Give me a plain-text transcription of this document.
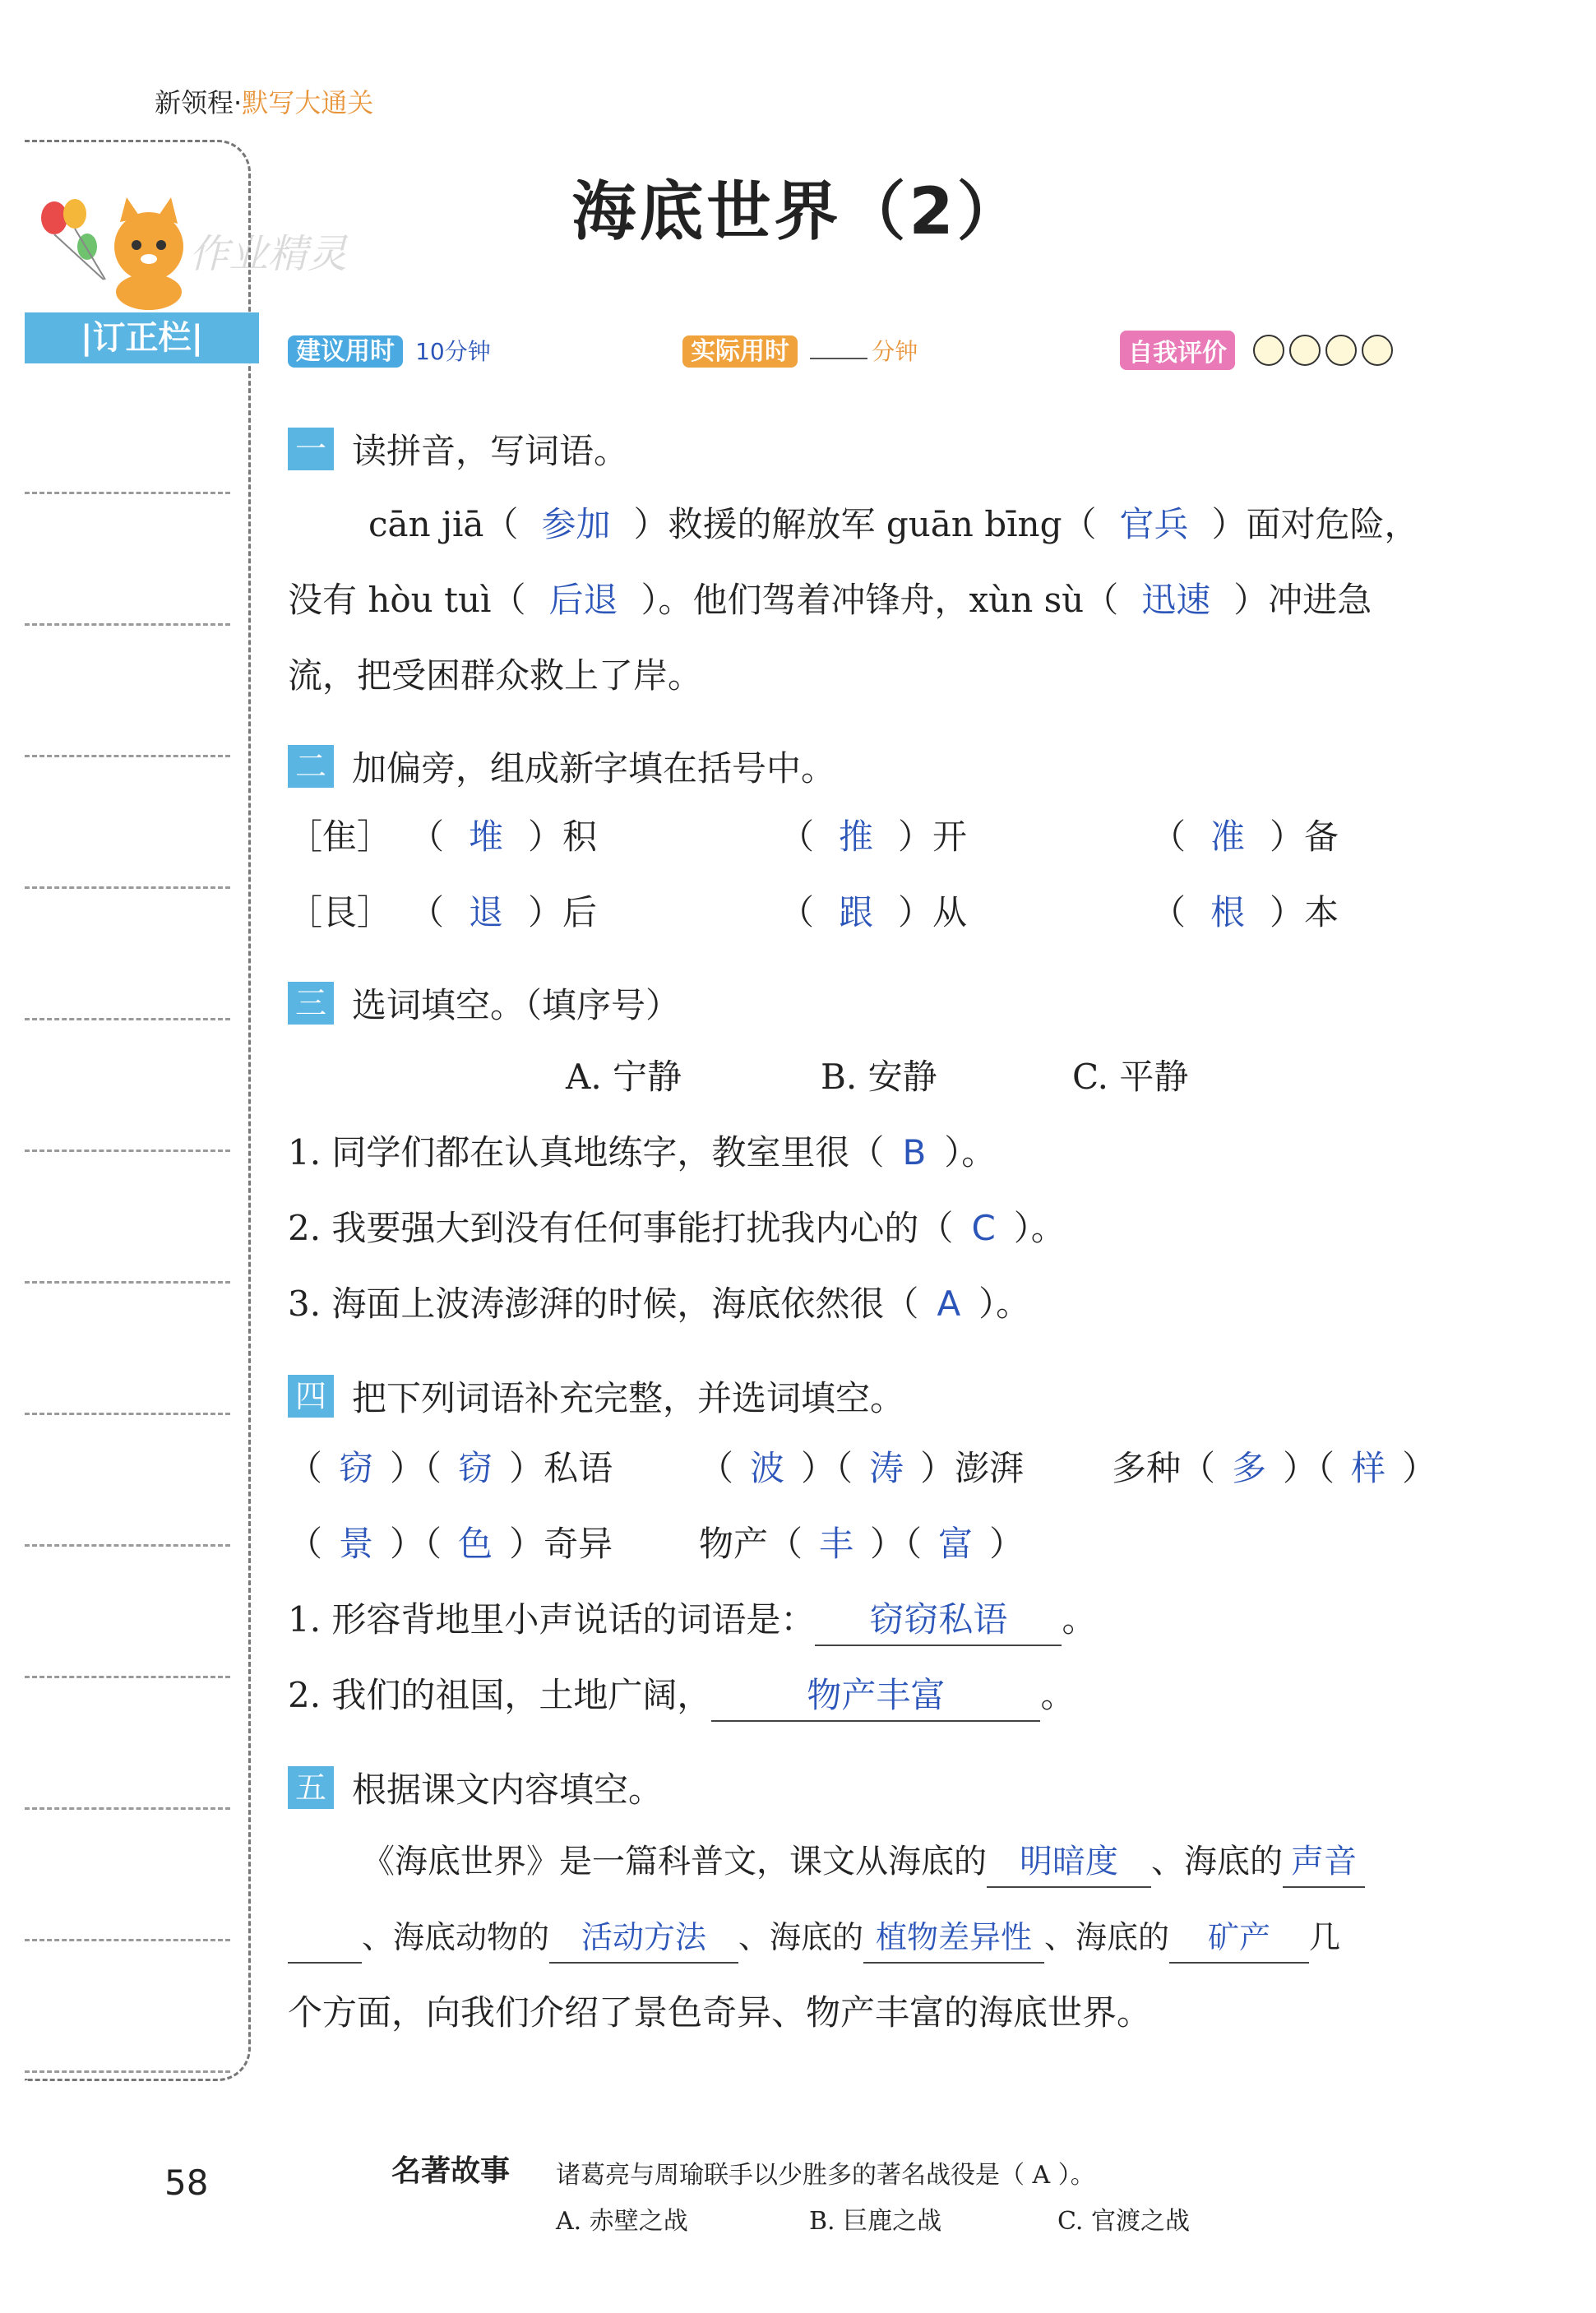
新领程·默写大通关
海底世界（2）
作业精灵
|订正栏|	建议用时 10分钟	实际用时	分钟	自我评价
一 读拼音，写词语。
cān jiā（ 参加 ）救援的解放军 guān bīng（ 官兵 ）面对危险，
没有 hòu tuì（ 后退 ）。他们驾着冲锋舟，xùn sù（ 迅速 ）冲进急
流，把受困群众救上了岸。
二 加偏旁，组成新字填在括号中。
［隹］ （ 堆 ）积	（ 推 ）开	（ 准 ）备
［艮］ （ 退 ）后	（ 跟 ）从	（ 根 ）本
三 选词填空。（填序号）
A. 宁静	B. 安静	C. 平静
1. 同学们都在认真地练字，教室里很（ B ）。
2. 我要强大到没有任何事能打扰我内心的（ C ）。
3. 海面上波涛澎湃的时候，海底依然很（ A ）。
四 把下列词语补充完整，并选词填空。
（ 窃 ）（ 窃 ）私语 （ 波 ）（ 涛 ）澎湃	多种（ 多 ）（ 样 ）
（ 景 ）（ 色 ）奇异 物产（ 丰 ）（ 富 ）
1. 形容背地里小声说话的词语是： 窃窃私语 。
2. 我们的祖国，土地广阔，	物产丰富	。
五 根据课文内容填空。
《海底世界》是一篇科普文，课文从海底的 明暗度 、海底的 声音
、海底动物的 活动方法 、海底的 植物差异性 、海底的 矿产 几
个方面，向我们介绍了景色奇异、物产丰富的海底世界。
58	名著故事 诸葛亮与周瑜联手以少胜多的著名战役是（ A ）。
A. 赤壁之战	B. 巨鹿之战	C. 官渡之战
